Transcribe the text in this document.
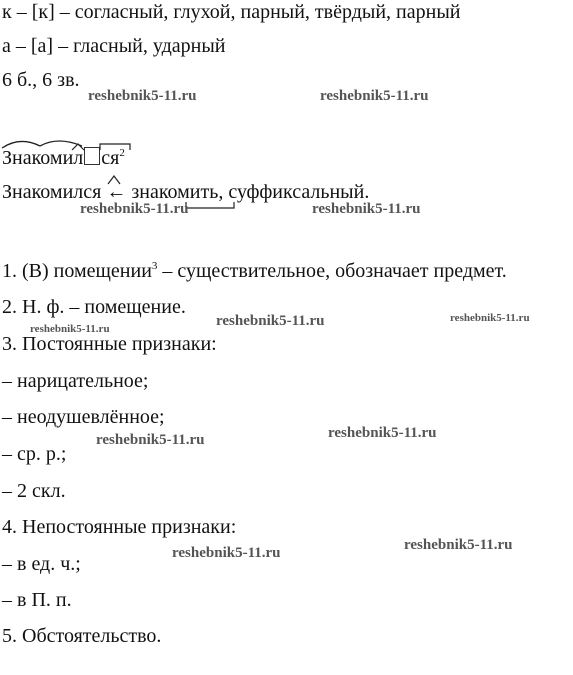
к – [к] – согласный, глухой, парный, твёрдый, парный
а – [а] – гласный, ударный
6 б., 6 зв.
Знакомил $ся^2$
Знакомился ← знакомить, суффиксальный.
1. (В) помещении$^3$ – существительное, обозначает предмет.
2. Н. ф. – помещение.
3. Постоянные признаки:
– нарицательное;
– неодушевлённое;
– ср. р.;
– 2 скл.
4. Непостоянные признаки:
– в ед. ч.;
– в П. п.
5. Обстоятельство.
reshebnik5-11.ru	reshebnik5-11.ru
reshebnik5-11.ru	reshebnik5-11.ru
reshebnik5-11.ru	reshebnik5-11.ru	reshebnik5-11.ru
reshebnik5-11.ru	reshebnik5-11.ru
reshebnik5-11.ru	reshebnik5-11.ru
